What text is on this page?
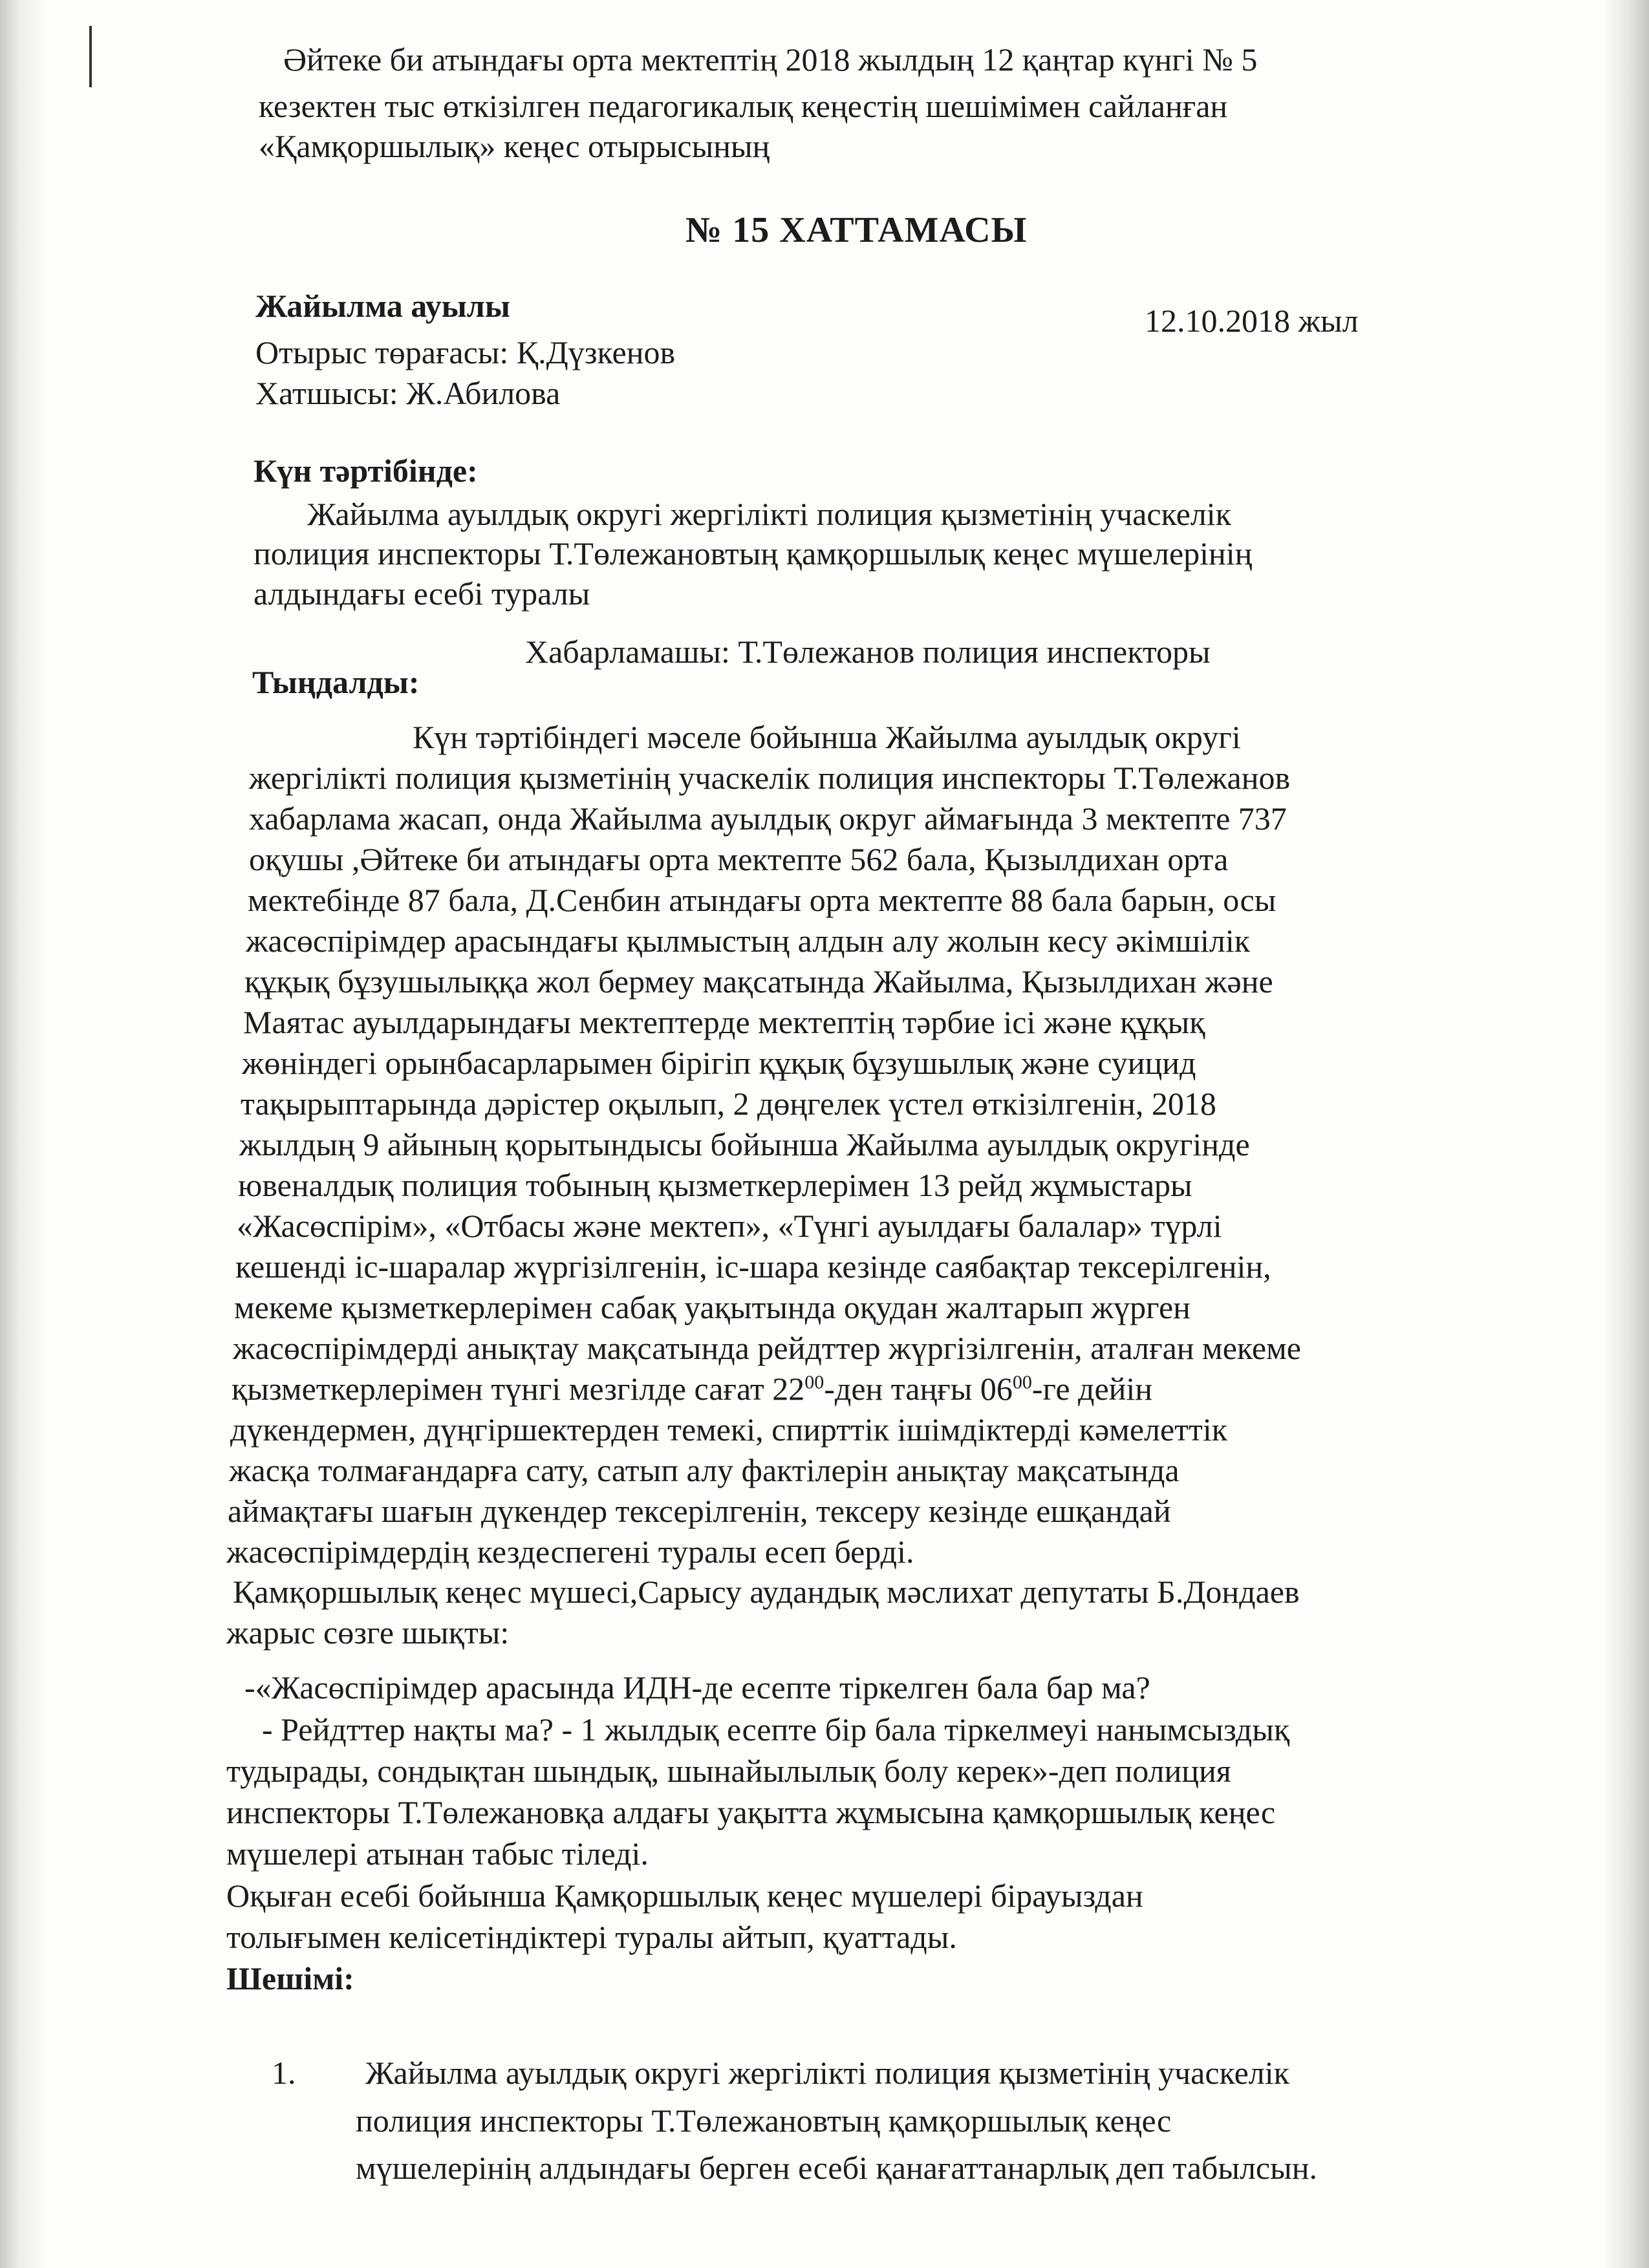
Әйтеке би атындағы орта мектептің 2018 жылдың 12 қаңтар күнгі № 5
кезектен тыс өткізілген педагогикалық кеңестің шешімімен сайланған
«Қамқоршылық» кеңес отырысының
№ 15 ХАТТАМАСЫ
Жайылма ауылы	12.10.2018 жыл
Отырыс төрағасы: Қ.Дүзкенов
Хатшысы: Ж.Абилова
Күн тәртібінде:
Жайылма ауылдық округі жергілікті полиция қызметінің учаскелік
полиция инспекторы Т.Төлежановтың қамқоршылық кеңес мүшелерінің
алдындағы есебі туралы
Хабарламашы: Т.Төлежанов полиция инспекторы
Тыңдалды:
Күн тәртібіндегі мәселе бойынша Жайылма ауылдық округі
жергілікті полиция қызметінің учаскелік полиция инспекторы Т.Төлежанов
хабарлама жасап, онда Жайылма ауылдық округ аймағында 3 мектепте 737
оқушы ,Әйтеке би атындағы орта мектепте 562 бала, Қызылдихан орта
мектебінде 87 бала, Д.Сенбин атындағы орта мектепте 88 бала барын, осы
жасөспірімдер арасындағы қылмыстың алдын алу жолын кесу әкімшілік
құқық бұзушылыққа жол бермеу мақсатында Жайылма, Қызылдихан және
Маятас ауылдарындағы мектептерде мектептің тәрбие ісі және құқық
жөніндегі орынбасарларымен бірігіп құқық бұзушылық және суицид
тақырыптарында дәрістер оқылып, 2 дөңгелек үстел өткізілгенін, 2018
жылдың 9 айының қорытындысы бойынша Жайылма ауылдық округінде
ювеналдық полиция тобының қызметкерлерімен 13 рейд жұмыстары
«Жасөспірім», «Отбасы және мектеп», «Түнгі ауылдағы балалар» түрлі
кешенді іс-шаралар жүргізілгенін, іс-шара кезінде саябақтар тексерілгенін,
мекеме қызметкерлерімен сабақ уақытында оқудан жалтарып жүрген
жасөспірімдерді анықтау мақсатында рейдттер жүргізілгенін, аталған мекеме
қызметкерлерімен түнгі мезгілде сағат $22^{00}$-ден таңғы $06^{00}-ге$ дейін
дүкендермен, дүңгіршектерден темекі, спирттік ішімдіктерді кәмелеттік
жасқа толмағандарға сату, сатып алу фактілерін анықтау мақсатында
аймақтағы шағын дүкендер тексерілгенін, тексеру кезінде ешқандай
жасөспірімдердің кездеспегені туралы есеп берді.
Қамқоршылық кеңес мүшесі,Сарысу аудандық мәслихат депутаты Б.Дондаев
жарыс сөзге шықты:
-«Жасөспірімдер арасында ИДН-де есепте тіркелген бала бар ма?
- Рейдттер нақты ма? - 1 жылдық есепте бір бала тіркелмеуі нанымсыздық
тудырады, сондықтан шындық, шынайылылық болу керек»-деп полиция
инспекторы Т.Төлежановқа алдағы уақытта жұмысына қамқоршылық кеңес
мүшелері атынан табыс тіледі.
Оқыған есебі бойынша Қамқоршылық кеңес мүшелері бірауыздан
толығымен келісетіндіктері туралы айтып, қуаттады.
Шешімі:
1. Жайылма ауылдық округі жергілікті полиция қызметінің учаскелік
полиция инспекторы Т.Төлежановтың қамқоршылық кеңес
мүшелерінің алдындағы берген есебі қанағаттанарлық деп табылсын.
